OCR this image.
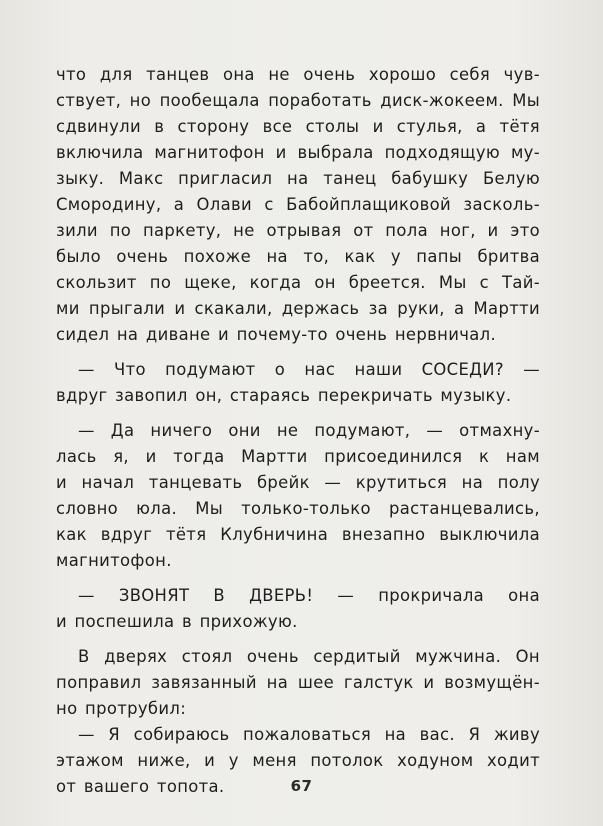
что для танцев она не очень хорошо себя чув-
ствует, но пообещала поработать диск-жокеем. Мы
сдвинули в сторону все столы и стулья, а тётя
включила магнитофон и выбрала подходящую му-
зыку. Макс пригласил на танец бабушку Белую
Смородину, а Олави с Бабойплащиковой засколь-
зили по паркету, не отрывая от пола ног, и это
было очень похоже на то, как у папы бритва
скользит по щеке, когда он бреется. Мы с Тай-
ми прыгали и скакали, держась за руки, а Мартти
сидел на диване и почему-то очень нервничал.
— Что подумают о нас наши СОСЕДИ? —
вдруг завопил он, стараясь перекричать музыку.
— Да ничего они не подумают, — отмахну-
лась я, и тогда Мартти присоединился к нам
и начал танцевать брейк — крутиться на полу
словно юла. Мы только-только растанцевались,
как вдруг тётя Клубничина внезапно выключила
магнитофон.
— ЗВОНЯТ В ДВЕРЬ! — прокричала она
и поспешила в прихожую.
В дверях стоял очень сердитый мужчина. Он
поправил завязанный на шее галстук и возмущён-
но протрубил:
— Я собираюсь пожаловаться на вас. Я живу
этажом ниже, и у меня потолок ходуном ходит
от вашего топота.	67
